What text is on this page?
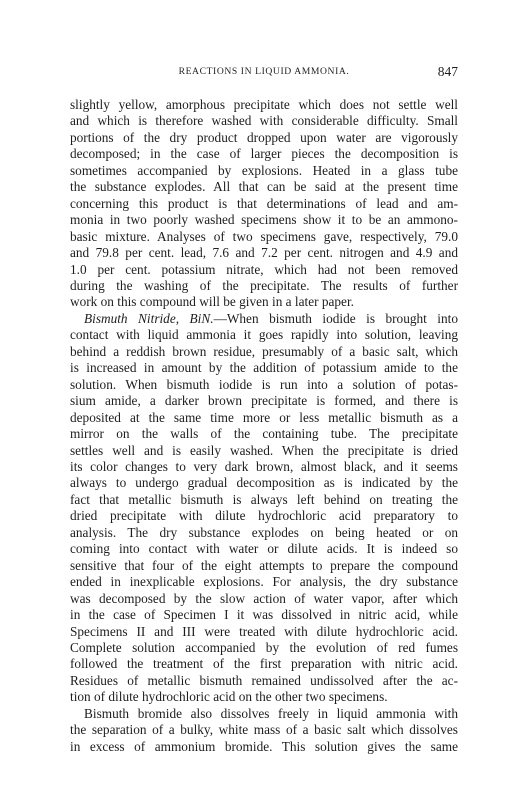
REACTIONS IN LIQUID AMMONIA.	847
slightly yellow, amorphous precipitate which does not settle well
and which is therefore washed with considerable difficulty. Small
portions of the dry product dropped upon water are vigorously
decomposed; in the case of larger pieces the decomposition is
sometimes accompanied by explosions. Heated in a glass tube
the substance explodes. All that can be said at the present time
concerning this product is that determinations of lead and am-
monia in two poorly washed specimens show it to be an ammono-
basic mixture. Analyses of two specimens gave, respectively, 79.0
and 79.8 per cent. lead, 7.6 and 7.2 per cent. nitrogen and 4.9 and
1.0 per cent. potassium nitrate, which had not been removed
during the washing of the precipitate. The results of further
work on this compound will be given in a later paper.
Bismuth Nitride, BiN.—When bismuth iodide is brought into
contact with liquid ammonia it goes rapidly into solution, leaving
behind a reddish brown residue, presumably of a basic salt, which
is increased in amount by the addition of potassium amide to the
solution. When bismuth iodide is run into a solution of potas-
sium amide, a darker brown precipitate is formed, and there is
deposited at the same time more or less metallic bismuth as a
mirror on the walls of the containing tube. The precipitate
settles well and is easily washed. When the precipitate is dried
its color changes to very dark brown, almost black, and it seems
always to undergo gradual decomposition as is indicated by the
fact that metallic bismuth is always left behind on treating the
dried precipitate with dilute hydrochloric acid preparatory to
analysis. The dry substance explodes on being heated or on
coming into contact with water or dilute acids. It is indeed so
sensitive that four of the eight attempts to prepare the compound
ended in inexplicable explosions. For analysis, the dry substance
was decomposed by the slow action of water vapor, after which
in the case of Specimen I it was dissolved in nitric acid, while
Specimens II and III were treated with dilute hydrochloric acid.
Complete solution accompanied by the evolution of red fumes
followed the treatment of the first preparation with nitric acid.
Residues of metallic bismuth remained undissolved after the ac-
tion of dilute hydrochloric acid on the other two specimens.
Bismuth bromide also dissolves freely in liquid ammonia with
the separation of a bulky, white mass of a basic salt which dissolves
in excess of ammonium bromide. This solution gives the same
